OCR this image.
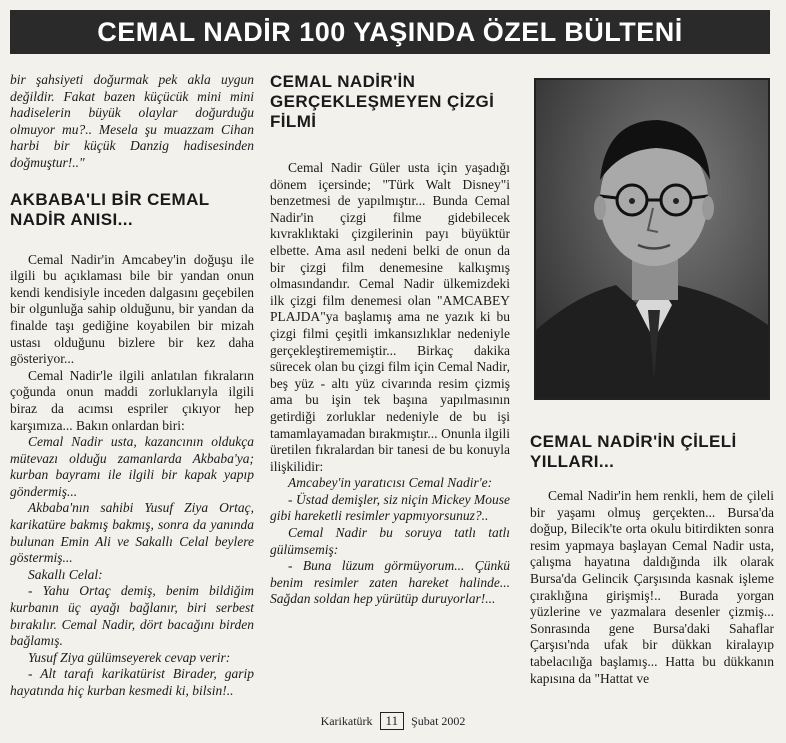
CEMAL NADİR 100 YAŞINDA ÖZEL BÜLTENİ

bir şahsiyeti doğurmak pek akla uygun değildir. Fakat bazen küçücük mini mini hadiselerin büyük olaylar doğurduğu olmuyor mu?.. Mesela şu muazzam Cihan harbi bir küçük Danzig hadisesinden doğmuştur!.."

AKBABA'LI BİR CEMAL NADİR ANISI...

Cemal Nadir'in Amcabey'in doğuşu ile ilgili bu açıklaması bile bir yandan onun kendi kendisiyle inceden dalgasını geçebilen bir olgunluğa sahip olduğunu, bir yandan da finalde taşı gediğine koyabilen bir mizah ustası olduğunu bizlere bir kez daha gösteriyor...

Cemal Nadir'le ilgili anlatılan fıkraların çoğunda onun maddi zorluklarıyla ilgili biraz da acımsı espriler çıkıyor hep karşımıza... Bakın onlardan biri:

Cemal Nadir usta, kazancının oldukça mütevazı olduğu zamanlarda Akbaba'ya; kurban bayramı ile ilgili bir kapak yapıp göndermiş...

Akbaba'nın sahibi Yusuf Ziya Ortaç, karikatüre bakmış bakmış, sonra da yanında bulunan Emin Ali ve Sakallı Celal beylere göstermiş...

Sakallı Celal:

- Yahu Ortaç demiş, benim bildiğim kurbanın üç ayağı bağlanır, biri serbest bırakılır. Cemal Nadir, dört bacağını birden bağlamış.

Yusuf Ziya gülümseyerek cevap verir:

- Alt tarafı karikatürist Birader, garip hayatında hiç kurban kesmedi ki, bilsin!..

CEMAL NADİR'İN GERÇEKLEŞMEYEN ÇİZGİ FİLMİ

Cemal Nadir Güler usta için yaşadığı dönem içersinde; "Türk Walt Disney"i benzetmesi de yapılmıştır... Bunda Cemal Nadir'in çizgi filme gidebilecek kıvraklıktaki çizgilerinin payı büyüktür elbette. Ama asıl nedeni belki de onun da bir çizgi film denemesine kalkışmış olmasındandır. Cemal Nadir ülkemizdeki ilk çizgi film denemesi olan "AMCABEY PLAJDA"ya başlamış ama ne yazık ki bu çizgi filmi çeşitli imkansızlıklar nedeniyle gerçekleştirememiştir... Birkaç dakika sürecek olan bu çizgi film için Cemal Nadir, beş yüz - altı yüz civarında resim çizmiş ama bu işin tek başına yapılmasının getirdiği zorluklar nedeniyle de bu işi tamamlayamadan bırakmıştır... Onunla ilgili üretilen fıkralardan bir tanesi de bu konuyla ilişkilidir:

Amcabey'in yaratıcısı Cemal Nadir'e:

- Üstad demişler, siz niçin Mickey Mouse gibi hareketli resimler yapmıyorsunuz?..

Cemal Nadir bu soruya tatlı tatlı gülümsemiş:

- Buna lüzum görmüyorum... Çünkü benim resimler zaten hareket halinde... Sağdan soldan hep yürütüp duruyorlar!...

CEMAL NADİR'İN ÇİLELİ YILLARI...

Cemal Nadir'in hem renkli, hem de çileli bir yaşamı olmuş gerçekten... Bursa'da doğup, Bilecik'te orta okulu bitirdikten sonra resim yapmaya başlayan Cemal Nadir usta, çalışma hayatına daldığında ilk olarak Bursa'da Gelincik Çarşısında kasnak işleme çıraklığına girişmiş!.. Burada yorgan yüzlerine ve yazmalara desenler çizmiş... Sonrasında gene Bursa'daki Sahaflar Çarşısı'nda ufak bir dükkan kiralayıp tabelacılığa başlamış... Hatta bu dükkanın kapısına da "Hattat ve

Karikatürk 11 Şubat 2002
